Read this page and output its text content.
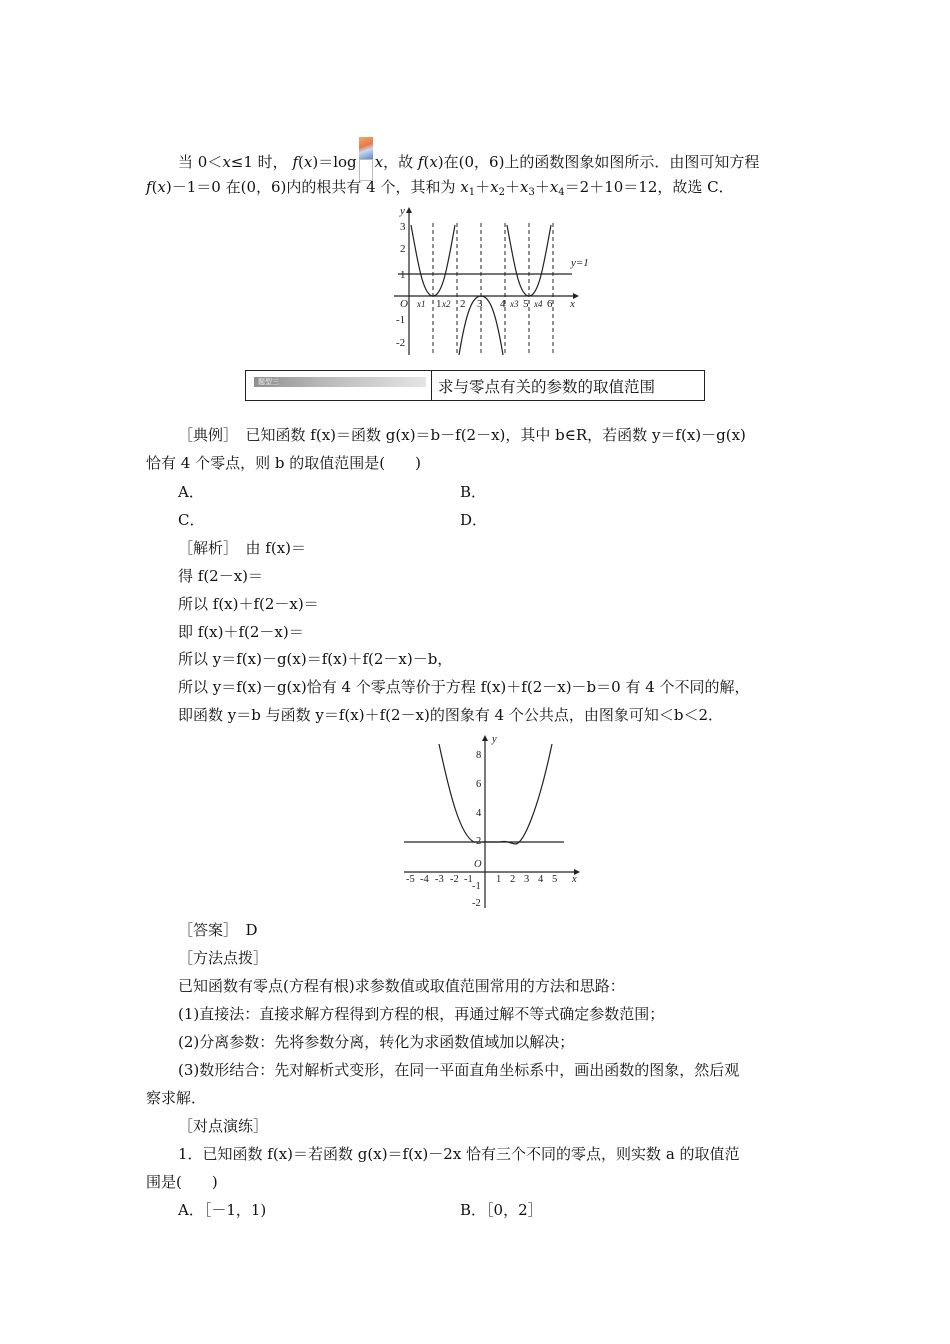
当 0＜x≤1 时， f(x)＝log x，故 f(x)在(0，6)上的函数图象如图所示．由图可知方程
f(x)－1＝0 在(0，6)内的根共有 4 个，其和为 $x_1+x_2+x_3+x_4=2+10=12$，故选 C．
y
x
O
3
2
1
-1
-2
1 2 3 4 5 6
x1 x2	x3 x4
y=1
题型三	求与零点有关的参数的取值范围
［典例］　 已知函数 f(x)＝函数 g(x)＝b－f(2－x)，其中 b∈R，若函数 y＝f(x)－g(x)
恰有 4 个零点，则 b 的取值范围是(　　)
A．	B．
C．	D．
［解析］　 由 f(x)＝
得 f(2－x)＝
所以 f(x)＋f(2－x)＝
即 f(x)＋f(2－x)＝
所以 y＝f(x)－g(x)＝f(x)＋f(2－x)－b，
所以 y＝f(x)－g(x)恰有 4 个零点等价于方程 f(x)＋f(2－x)－b＝0 有 4 个不同的解，
即函数 y＝b 与函数 y＝f(x)＋f(2－x)的图象有 4 个公共点，由图象可知＜b＜2．
y
x
O
8
6
4
2
-1
-2
-5 -4 -3 -2 -1 1 2 3 4 5
［答案］　 D
［方法点拨］
已知函数有零点(方程有根)求参数值或取值范围常用的方法和思路：
(1)直接法：直接求解方程得到方程的根，再通过解不等式确定参数范围；
(2)分离参数：先将参数分离，转化为求函数值域加以解决；
(3)数形结合：先对解析式变形，在同一平面直角坐标系中，画出函数的图象，然后观
察求解．
［对点演练］
1．已知函数 f(x)＝若函数 g(x)＝f(x)－2x 恰有三个不同的零点，则实数 a 的取值范
围是(　　)
A．［－1，1)	B．［0，2］
